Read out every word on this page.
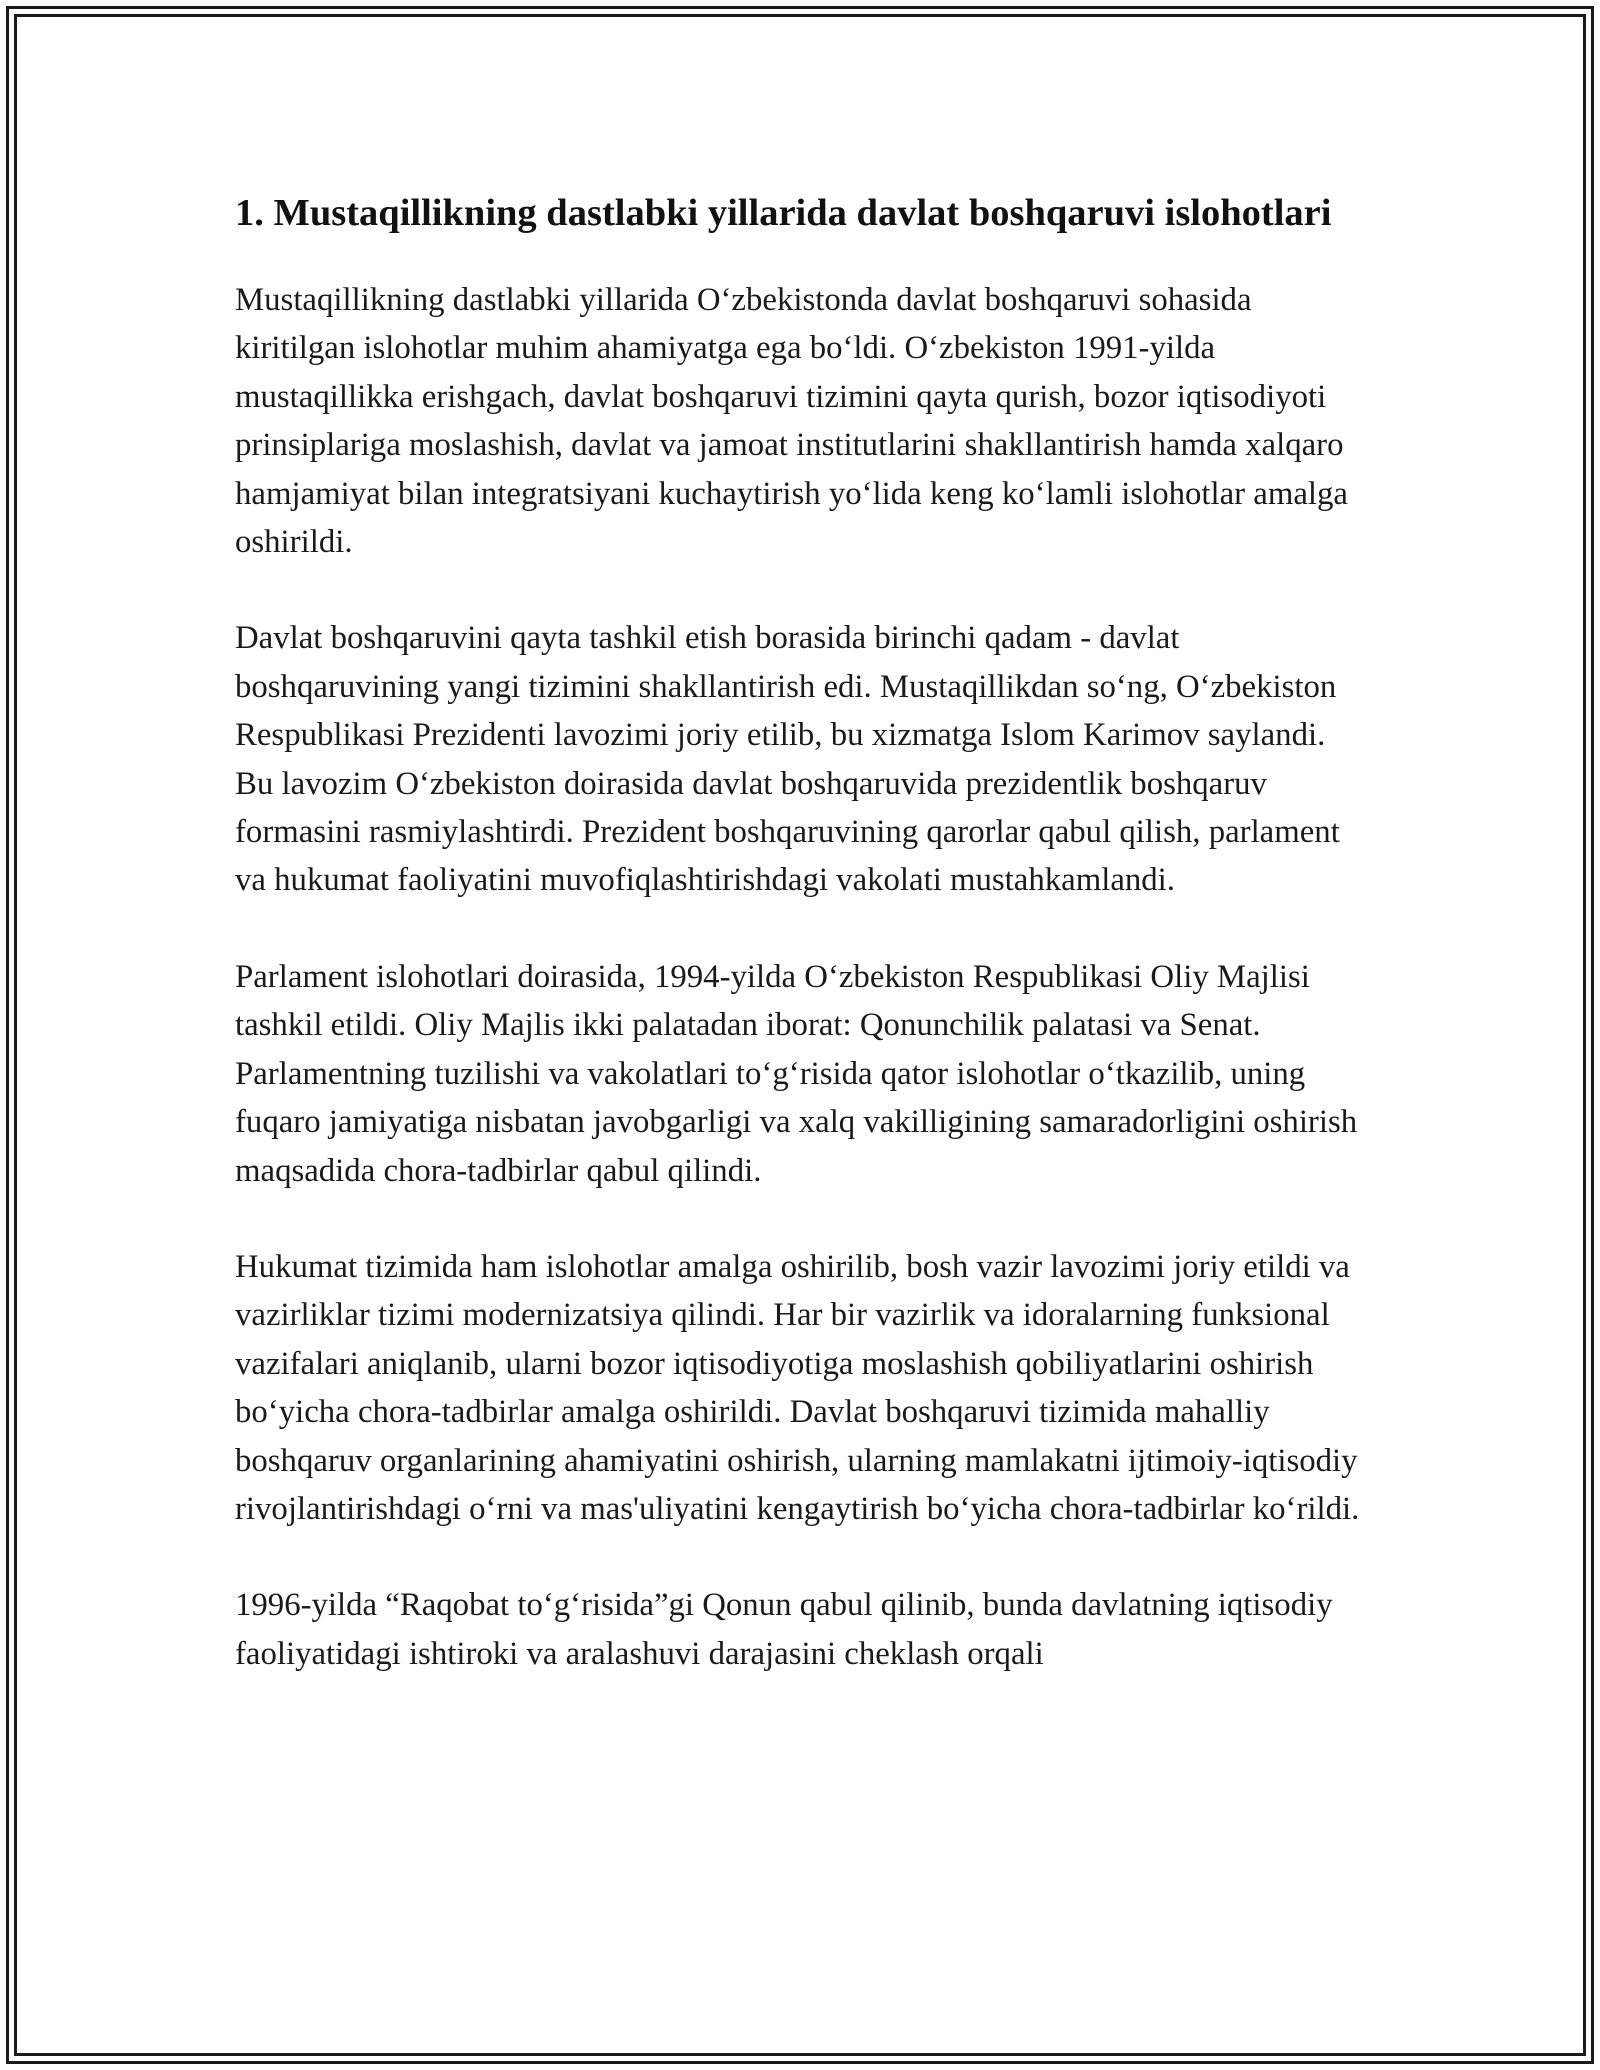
1. Mustaqillikning dastlabki yillarida davlat boshqaruvi islohotlari

Mustaqillikning dastlabki yillarida O‘zbekistonda davlat boshqaruvi sohasida kiritilgan islohotlar muhim ahamiyatga ega bo‘ldi. O‘zbekiston 1991-yilda mustaqillikka erishgach, davlat boshqaruvi tizimini qayta qurish, bozor iqtisodiyoti prinsiplariga moslashish, davlat va jamoat institutlarini shakllantirish hamda xalqaro hamjamiyat bilan integratsiyani kuchaytirish yo‘lida keng ko‘lamli islohotlar amalga oshirildi.

Davlat boshqaruvini qayta tashkil etish borasida birinchi qadam - davlat boshqaruvining yangi tizimini shakllantirish edi. Mustaqillikdan so‘ng, O‘zbekiston Respublikasi Prezidenti lavozimi joriy etilib, bu xizmatga Islom Karimov saylandi. Bu lavozim O‘zbekiston doirasida davlat boshqaruvida prezidentlik boshqaruv formasini rasmiylashtirdi. Prezident boshqaruvining qarorlar qabul qilish, parlament va hukumat faoliyatini muvofiqlashtirishdagi vakolati mustahkamlandi.

Parlament islohotlari doirasida, 1994-yilda O‘zbekiston Respublikasi Oliy Majlisi tashkil etildi. Oliy Majlis ikki palatadan iborat: Qonunchilik palatasi va Senat. Parlamentning tuzilishi va vakolatlari to‘g‘risida qator islohotlar o‘tkazilib, uning fuqaro jamiyatiga nisbatan javobgarligi va xalq vakilligining samaradorligini oshirish maqsadida chora-tadbirlar qabul qilindi.

Hukumat tizimida ham islohotlar amalga oshirilib, bosh vazir lavozimi joriy etildi va vazirliklar tizimi modernizatsiya qilindi. Har bir vazirlik va idoralarning funksional vazifalari aniqlanib, ularni bozor iqtisodiyotiga moslashish qobiliyatlarini oshirish bo‘yicha chora-tadbirlar amalga oshirildi. Davlat boshqaruvi tizimida mahalliy boshqaruv organlarining ahamiyatini oshirish, ularning mamlakatni ijtimoiy-iqtisodiy rivojlantirishdagi o‘rni va mas'uliyatini kengaytirish bo‘yicha chora-tadbirlar ko‘rildi.

1996-yilda “Raqobat to‘g‘risida”gi Qonun qabul qilinib, bunda davlatning iqtisodiy faoliyatidagi ishtiroki va aralashuvi darajasini cheklash orqali
